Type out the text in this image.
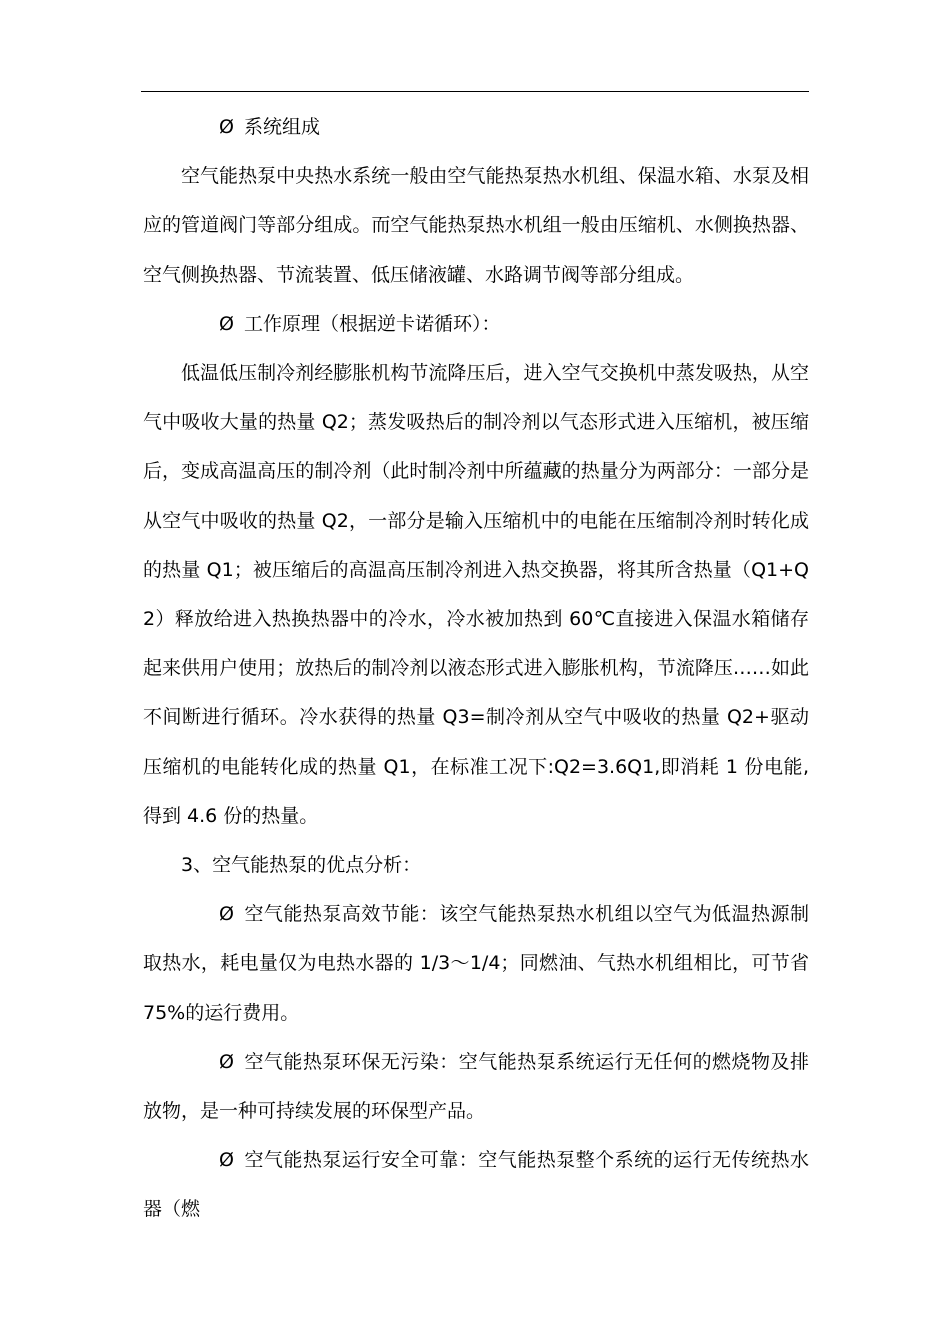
Ø 系统组成

空气能热泵中央热水系统一般由空气能热泵热水机组、保温水箱、水泵及相应的管道阀门等部分组成。而空气能热泵热水机组一般由压缩机、水侧换热器、空气侧换热器、节流装置、低压储液罐、水路调节阀等部分组成。

Ø 工作原理（根据逆卡诺循环）：

低温低压制冷剂经膨胀机构节流降压后，进入空气交换机中蒸发吸热，从空气中吸收大量的热量 Q2；蒸发吸热后的制冷剂以气态形式进入压缩机，被压缩后，变成高温高压的制冷剂（此时制冷剂中所蕴藏的热量分为两部分：一部分是从空气中吸收的热量 Q2，一部分是输入压缩机中的电能在压缩制冷剂时转化成的热量 Q1；被压缩后的高温高压制冷剂进入热交换器，将其所含热量（Q1+Q2）释放给进入热换热器中的冷水，冷水被加热到 60℃直接进入保温水箱储存起来供用户使用；放热后的制冷剂以液态形式进入膨胀机构，节流降压……如此不间断进行循环。冷水获得的热量 Q3=制冷剂从空气中吸收的热量 Q2+驱动压缩机的电能转化成的热量 Q1，在标准工况下:Q2=3.6Q1,即消耗 1 份电能,得到 4.6 份的热量。

3、空气能热泵的优点分析：

Ø 空气能热泵高效节能：该空气能热泵热水机组以空气为低温热源制取热水，耗电量仅为电热水器的 1/3～1/4；同燃油、气热水机组相比，可节省 75%的运行费用。

Ø 空气能热泵环保无污染：空气能热泵系统运行无任何的燃烧物及排放物，是一种可持续发展的环保型产品。

Ø 空气能热泵运行安全可靠：空气能热泵整个系统的运行无传统热水器（燃
